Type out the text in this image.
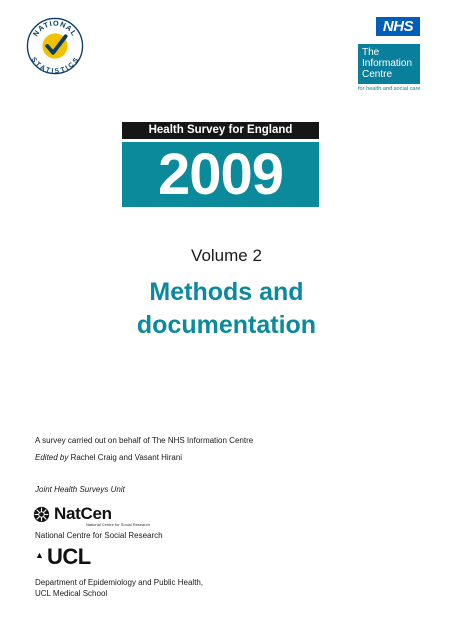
NATIONAL
STATISTICS
NHS
The
Information
Centre
for health and social care
Health Survey for England
2009
Volume 2
Methods and
documentation
A survey carried out on behalf of The NHS Information Centre
Edited by Rachel Craig and Vasant Hirani
Joint Health Surveys Unit
NatCen
National Centre for Social Research
National Centre for Social Research
▲ UCL
Department of Epidemiology and Public Health,
UCL Medical School
